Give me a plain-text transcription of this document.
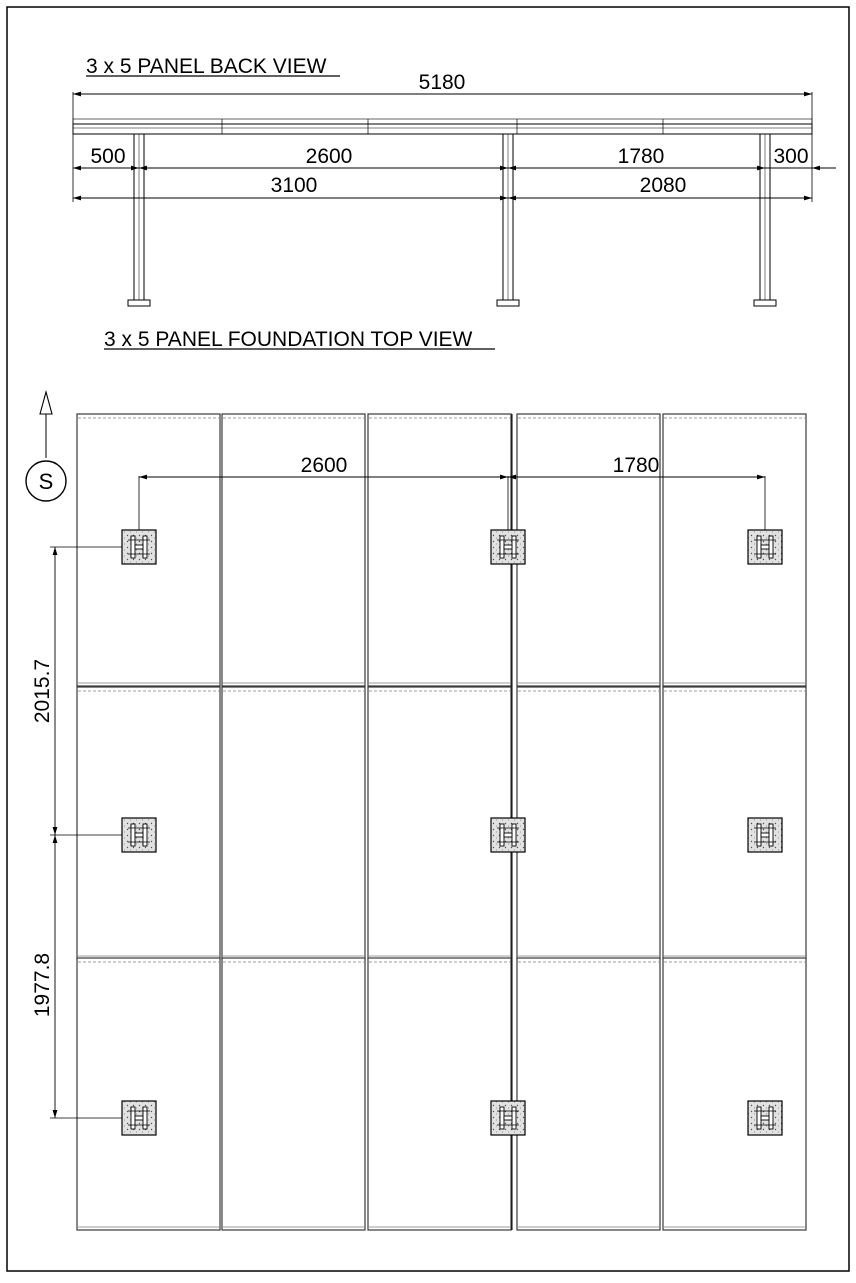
3 x 5 PANEL BACK VIEW
5180
500	2600	1780	300
3100	2080
3 x 5 PANEL FOUNDATION TOP VIEW
S
2600	1780
2015.7
1977.8
